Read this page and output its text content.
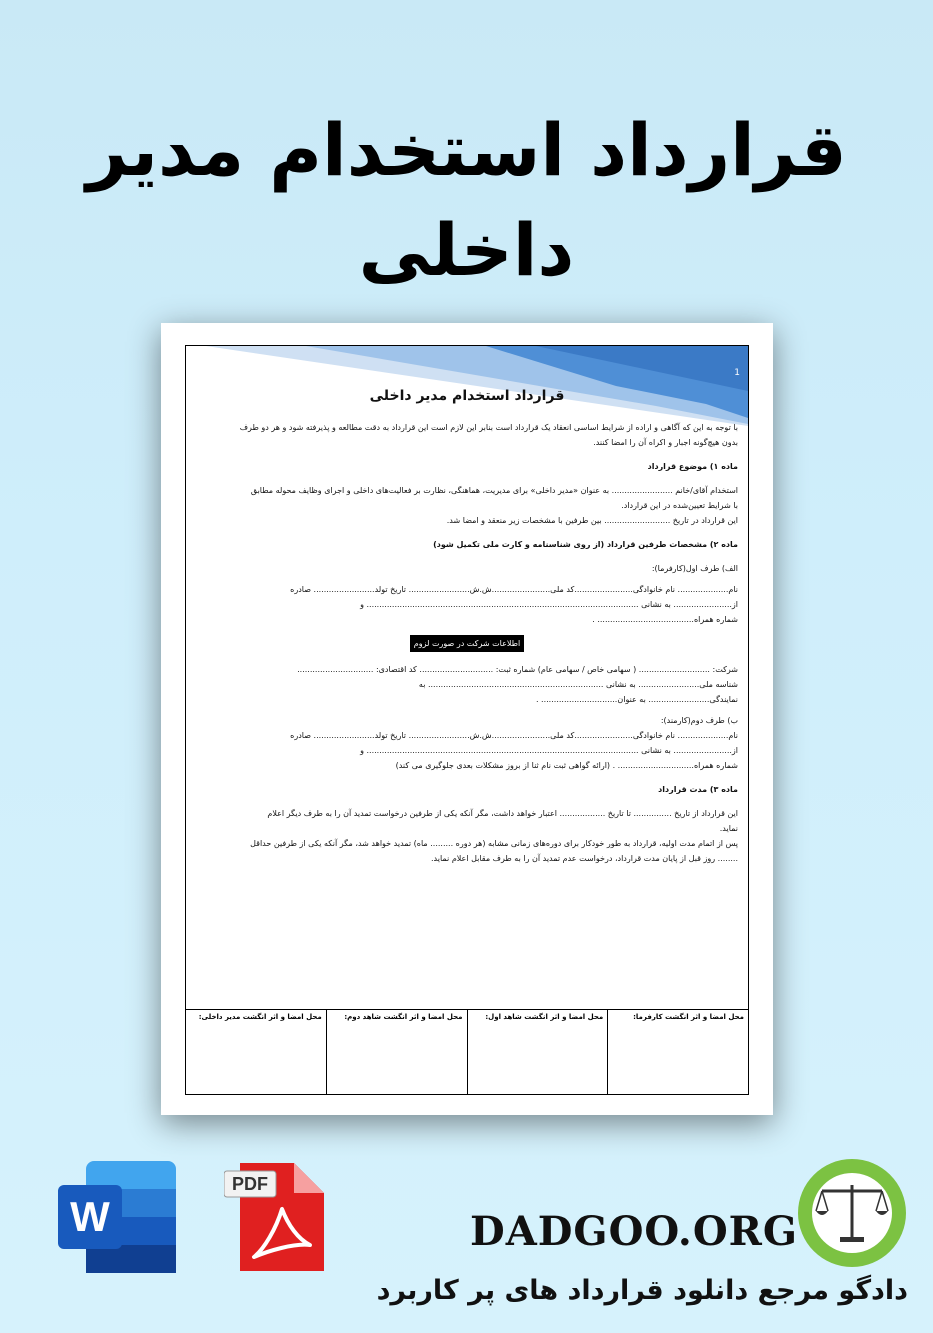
قرارداد استخدام مدیر
داخلی
1
قرارداد استخدام مدیر داخلی
با توجه به این که آگاهی و اراده از شرایط اساسی انعقاد یک قرارداد است بنابر این لازم است این قرارداد به دقت مطالعه و پذیرفته شود و هر دو طرف
بدون هیچ‌گونه اجبار و اکراه آن را امضا کنند.
ماده ۱) موضوع قرارداد
استخدام آقای/خانم ........................ به عنوان «مدیر داخلی» برای مدیریت، هماهنگی، نظارت بر فعالیت‌های داخلی و اجرای وظایف محوله مطابق
با شرایط تعیین‌شده در این قرارداد.
این قرارداد در تاریخ .......................... بین طرفین با مشخصات زیر منعقد و امضا شد.
ماده ۲) مشخصات طرفین قرارداد (از روی شناسنامه و کارت ملی تکمیل شود)
الف) طرف اول(کارفرما):
نام.................... نام خانوادگی.......................کد ملی.......................ش.ش........................ تاریخ تولد........................ صادره
از....................... به نشانی ........................................................................................................... و
شماره همراه...................................... .
اطلاعات شرکت در صورت لزوم
شرکت: ............................ ( سهامی خاص / سهامی عام) شماره ثبت: ............................. کد اقتصادی: ..............................
شناسه ملی........................ به نشانی ..................................................................... به
نمایندگی........................ به عنوان.............................. .
ب) طرف دوم(کارمند):
نام.................... نام خانوادگی.......................کد ملی.......................ش.ش........................ تاریخ تولد........................ صادره
از....................... به نشانی ........................................................................................................... و
شماره همراه.............................. . (ارائه گواهی ثبت نام ثنا از بروز مشکلات بعدی جلوگیری می کند)
ماده ۳) مدت قرارداد
این قرارداد از تاریخ ............... تا تاریخ .................. اعتبار خواهد داشت، مگر آنکه یکی از طرفین درخواست تمدید آن را به طرف دیگر اعلام
نماید.
پس از اتمام مدت اولیه، قرارداد به طور خودکار برای دوره‌های زمانی مشابه (هر دوره ......... ماه) تمدید خواهد شد، مگر آنکه یکی از طرفین حداقل
........ روز قبل از پایان مدت قرارداد، درخواست عدم تمدید آن را به طرف مقابل اعلام نماید.
محل امضا و اثر انگشت کارفرما:
محل امضا و اثر انگشت شاهد اول:
محل امضا و اثر انگشت شاهد دوم:
محل امضا و اثر انگشت مدیر داخلی:
W
PDF
DADGOO.ORG
دادگو مرجع دانلود قرارداد های پر کاربرد
